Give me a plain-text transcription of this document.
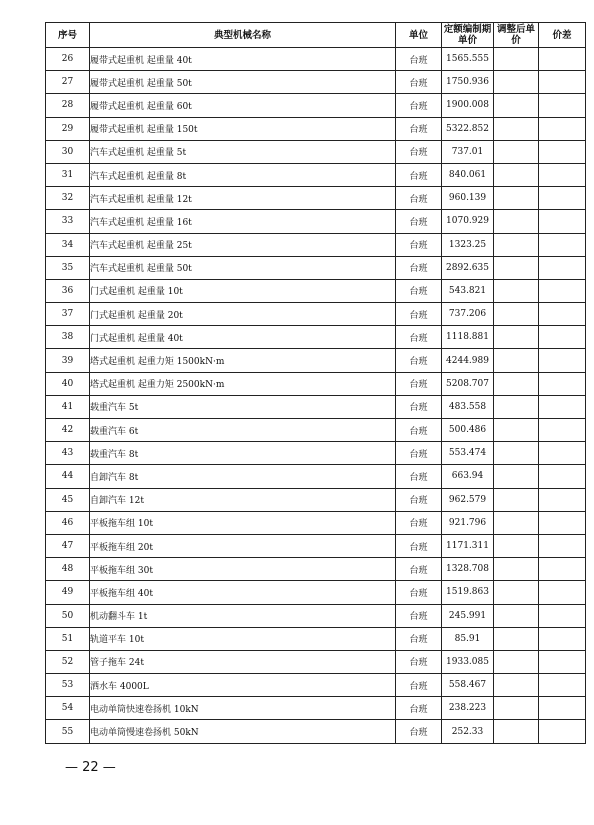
序号	典型机械名称	单位	定额编制期单价	调整后单价	价差
26	履带式起重机 起重量 40t	台班	1565.555		
27	履带式起重机 起重量 50t	台班	1750.936		
28	履带式起重机 起重量 60t	台班	1900.008		
29	履带式起重机 起重量 150t	台班	5322.852		
30	汽车式起重机 起重量 5t	台班	737.01		
31	汽车式起重机 起重量 8t	台班	840.061		
32	汽车式起重机 起重量 12t	台班	960.139		
33	汽车式起重机 起重量 16t	台班	1070.929		
34	汽车式起重机 起重量 25t	台班	1323.25		
35	汽车式起重机 起重量 50t	台班	2892.635		
36	门式起重机 起重量 10t	台班	543.821		
37	门式起重机 起重量 20t	台班	737.206		
38	门式起重机 起重量 40t	台班	1118.881		
39	塔式起重机 起重力矩 1500kN·m	台班	4244.989		
40	塔式起重机 起重力矩 2500kN·m	台班	5208.707		
41	载重汽车 5t	台班	483.558		
42	载重汽车 6t	台班	500.486		
43	载重汽车 8t	台班	553.474		
44	自卸汽车 8t	台班	663.94		
45	自卸汽车 12t	台班	962.579		
46	平板拖车组 10t	台班	921.796		
47	平板拖车组 20t	台班	1171.311		
48	平板拖车组 30t	台班	1328.708		
49	平板拖车组 40t	台班	1519.863		
50	机动翻斗车 1t	台班	245.991		
51	轨道平车 10t	台班	85.91		
52	管子拖车 24t	台班	1933.085		
53	洒水车 4000L	台班	558.467		
54	电动单筒快速卷扬机 10kN	台班	238.223		
55	电动单筒慢速卷扬机 50kN	台班	252.33		
— 22 —
